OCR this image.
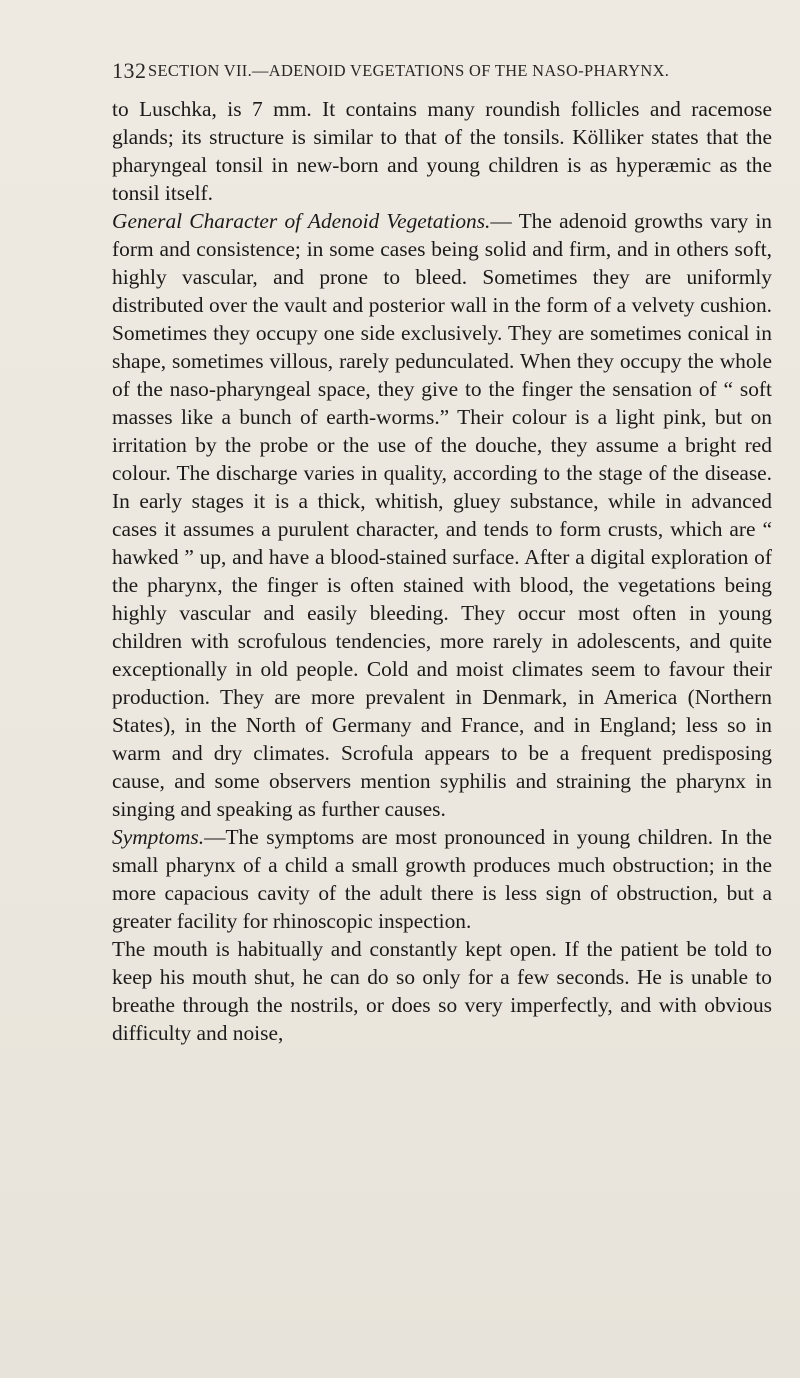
132 SECTION VII.—ADENOID VEGETATIONS OF THE NASO-PHARYNX.

to Luschka, is 7 mm. It contains many roundish follicles and racemose glands; its structure is similar to that of the tonsils. Kölliker states that the pharyngeal tonsil in new-born and young children is as hyperæmic as the tonsil itself.

General Character of Adenoid Vegetations.— The adenoid growths vary in form and consistence; in some cases being solid and firm, and in others soft, highly vascular, and prone to bleed. Sometimes they are uniformly distributed over the vault and posterior wall in the form of a velvety cushion. Sometimes they occupy one side exclusively. They are sometimes conical in shape, sometimes villous, rarely pedunculated. When they occupy the whole of the naso-pharyngeal space, they give to the finger the sensation of “ soft masses like a bunch of earth-worms.” Their colour is a light pink, but on irritation by the probe or the use of the douche, they assume a bright red colour. The discharge varies in quality, according to the stage of the disease. In early stages it is a thick, whitish, gluey substance, while in advanced cases it assumes a purulent character, and tends to form crusts, which are “ hawked ” up, and have a blood-stained surface. After a digital exploration of the pharynx, the finger is often stained with blood, the vegetations being highly vascular and easily bleeding. They occur most often in young children with scrofulous tendencies, more rarely in adolescents, and quite exceptionally in old people. Cold and moist climates seem to favour their production. They are more prevalent in Denmark, in America (Northern States), in the North of Germany and France, and in England; less so in warm and dry climates. Scrofula appears to be a frequent predisposing cause, and some observers mention syphilis and straining the pharynx in singing and speaking as further causes.

Symptoms.—The symptoms are most pronounced in young children. In the small pharynx of a child a small growth produces much obstruction; in the more capacious cavity of the adult there is less sign of obstruction, but a greater facility for rhinoscopic inspection.

The mouth is habitually and constantly kept open. If the patient be told to keep his mouth shut, he can do so only for a few seconds. He is unable to breathe through the nostrils, or does so very imperfectly, and with obvious difficulty and noise,
